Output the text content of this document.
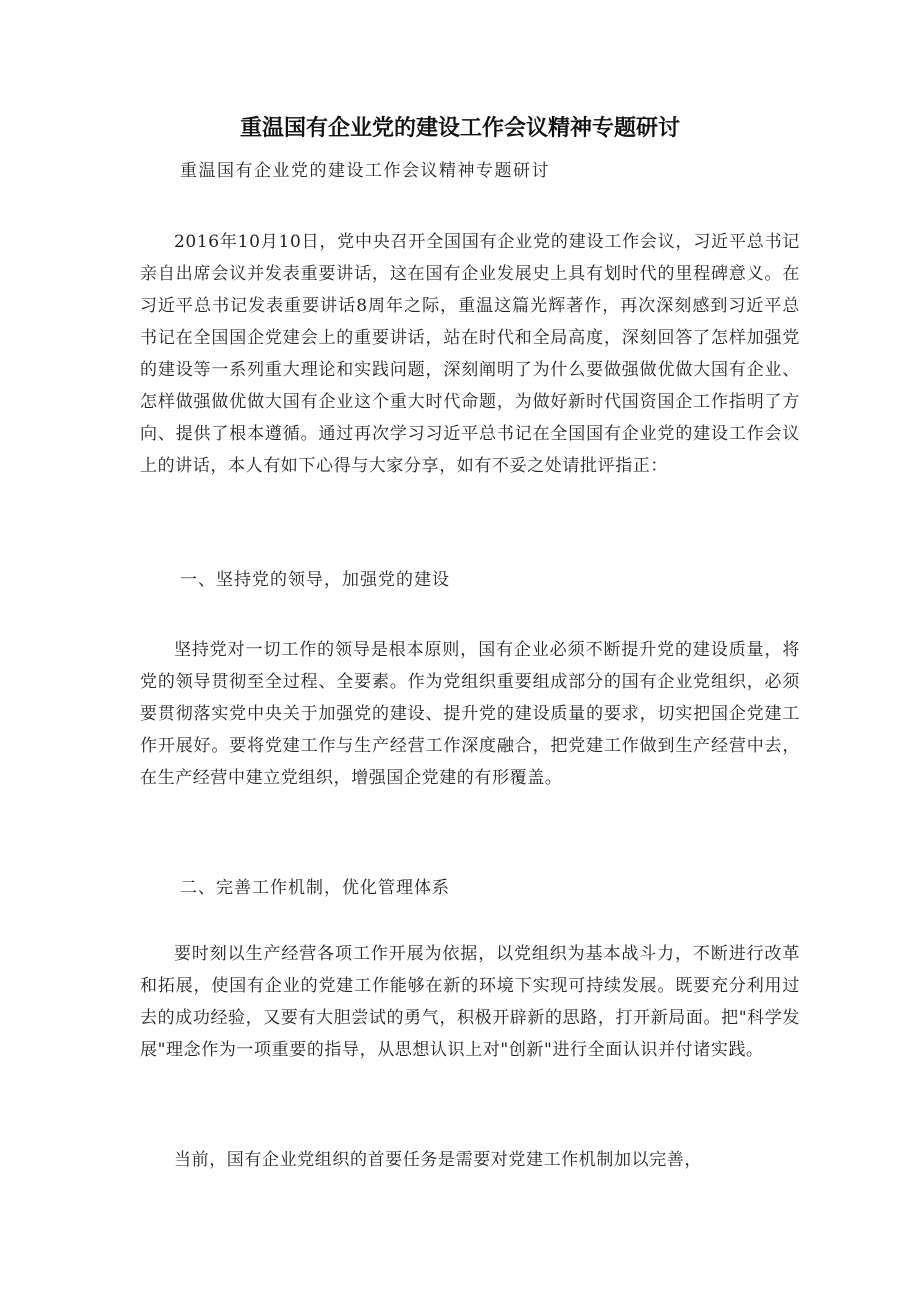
重温国有企业党的建设工作会议精神专题研讨
重温国有企业党的建设工作会议精神专题研讨

2016年10月10日，党中央召开全国国有企业党的建设工作会议，习近平总书记亲自出席会议并发表重要讲话，这在国有企业发展史上具有划时代的里程碑意义。在习近平总书记发表重要讲话8周年之际，重温这篇光辉著作，再次深刻感到习近平总书记在全国国企党建会上的重要讲话，站在时代和全局高度，深刻回答了怎样加强党的建设等一系列重大理论和实践问题，深刻阐明了为什么要做强做优做大国有企业、怎样做强做优做大国有企业这个重大时代命题，为做好新时代国资国企工作指明了方向、提供了根本遵循。通过再次学习习近平总书记在全国国有企业党的建设工作会议上的讲话，本人有如下心得与大家分享，如有不妥之处请批评指正：

一、坚持党的领导，加强党的建设

坚持党对一切工作的领导是根本原则，国有企业必须不断提升党的建设质量，将党的领导贯彻至全过程、全要素。作为党组织重要组成部分的国有企业党组织，必须要贯彻落实党中央关于加强党的建设、提升党的建设质量的要求，切实把国企党建工作开展好。要将党建工作与生产经营工作深度融合，把党建工作做到生产经营中去，在生产经营中建立党组织，增强国企党建的有形覆盖。

二、完善工作机制，优化管理体系

要时刻以生产经营各项工作开展为依据，以党组织为基本战斗力，不断进行改革和拓展，使国有企业的党建工作能够在新的环境下实现可持续发展。既要充分利用过去的成功经验，又要有大胆尝试的勇气，积极开辟新的思路，打开新局面。把"科学发展"理念作为一项重要的指导，从思想认识上对"创新"进行全面认识并付诸实践。

当前，国有企业党组织的首要任务是需要对党建工作机制加以完善，
